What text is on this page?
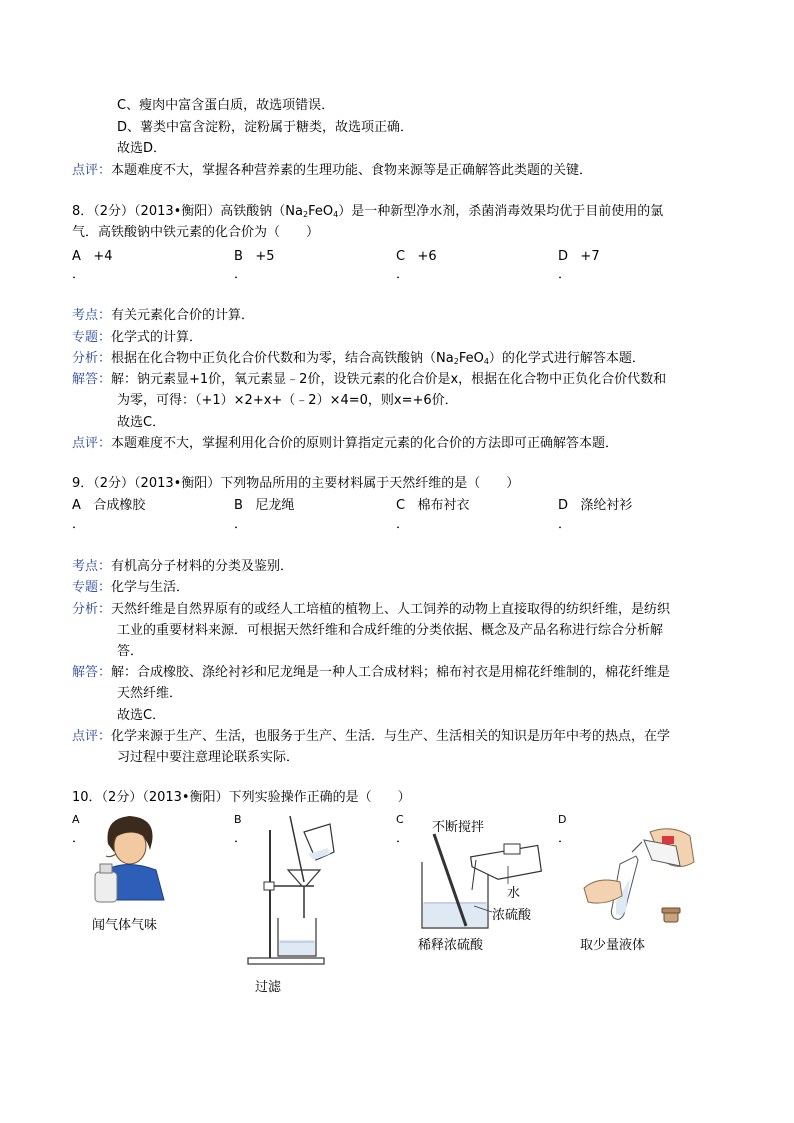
C、瘦肉中富含蛋白质，故选项错误．
D、薯类中富含淀粉，淀粉属于糖类，故选项正确．
故选D．
点评：本题难度不大，掌握各种营养素的生理功能、食物来源等是正确解答此类题的关键．
8．（2分）（2013•衡阳）高铁酸钠$(Na_2FeO_4)$是一种新型净水剂，杀菌消毒效果均优于目前使用的氯
气．高铁酸钠中铁元素的化合价为（　　）
A +4	B +5	C +6	D +7
．	．	．	．
考点：有关元素化合价的计算．
专题：化学式的计算．
分析：根据在化合物中正负化合价代数和为零，结合高铁酸钠$(Na_2FeO_4)$的化学式进行解答本题．
解答：解：钠元素显+1价，氧元素显﹣2价，设铁元素的化合价是x，根据在化合物中正负化合价代数和
为零，可得：（+1）×2+x+（﹣2）×4=0，则x=+6价．
故选C．
点评：本题难度不大，掌握利用化合价的原则计算指定元素的化合价的方法即可正确解答本题．
9．（2分）（2013•衡阳）下列物品所用的主要材料属于天然纤维的是（　　）
A 合成橡胶	B 尼龙绳	C 棉布衬衣	D 涤纶衬衫
．	．	．	．
考点：有机高分子材料的分类及鉴别．
专题：化学与生活．
分析：天然纤维是自然界原有的或经人工培植的植物上、人工饲养的动物上直接取得的纺织纤维，是纺织
工业的重要材料来源．可根据天然纤维和合成纤维的分类依据、概念及产品名称进行综合分析解
答．
解答：解：合成橡胶、涤纶衬衫和尼龙绳是一种人工合成材料；棉布衬衣是用棉花纤维制的，棉花纤维是
天然纤维．
故选C．
点评：化学来源于生产、生活，也服务于生产、生活．与生产、生活相关的知识是历年中考的热点，在学
习过程中要注意理论联系实际．
10．（2分）（2013•衡阳）下列实验操作正确的是（　　）
A
．
B
．
C
．
D
．
闻气体气味
过滤
不断搅拌
水
浓硫酸
稀释浓硫酸	取少量液体
